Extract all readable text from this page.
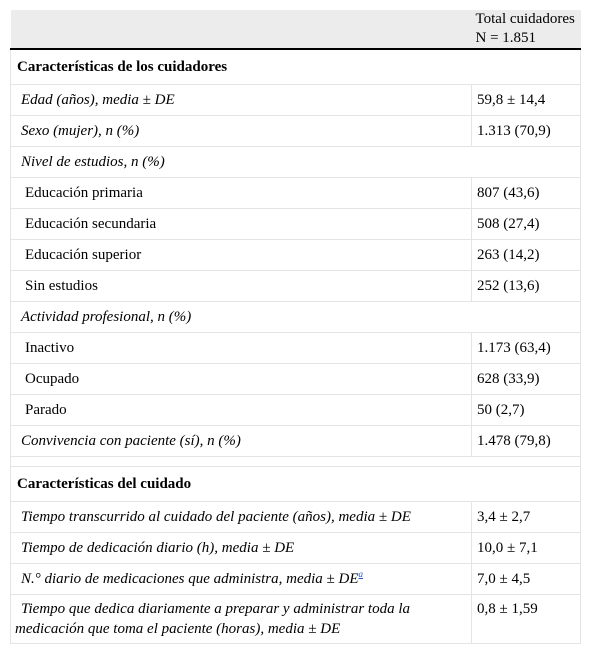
	Total cuidadores
N = 1.851
Características de los cuidadores	
Edad (años), media ± DE	59,8 ± 14,4
Sexo (mujer), n (%)	1.313 (70,9)
Nivel de estudios, n (%)	
Educación primaria	807 (43,6)
Educación secundaria	508 (27,4)
Educación superior	263 (14,2)
Sin estudios	252 (13,6)
Actividad profesional, n (%)	
Inactivo	1.173 (63,4)
Ocupado	628 (33,9)
Parado	50 (2,7)
Convivencia con paciente (sí), n (%)	1.478 (79,8)

Características del cuidado	
Tiempo transcurrido al cuidado del paciente (años), media ± DE	3,4 ± 2,7
Tiempo de dedicación diario (h), media ± DE	10,0 ± 7,1
N.° diario de medicaciones que administra, media ± DE$^a$	7,0 ± 4,5
Tiempo que dedica diariamente a preparar y administrar toda la
medicación que toma el paciente (horas), media ± DE	0,8 ± 1,59
